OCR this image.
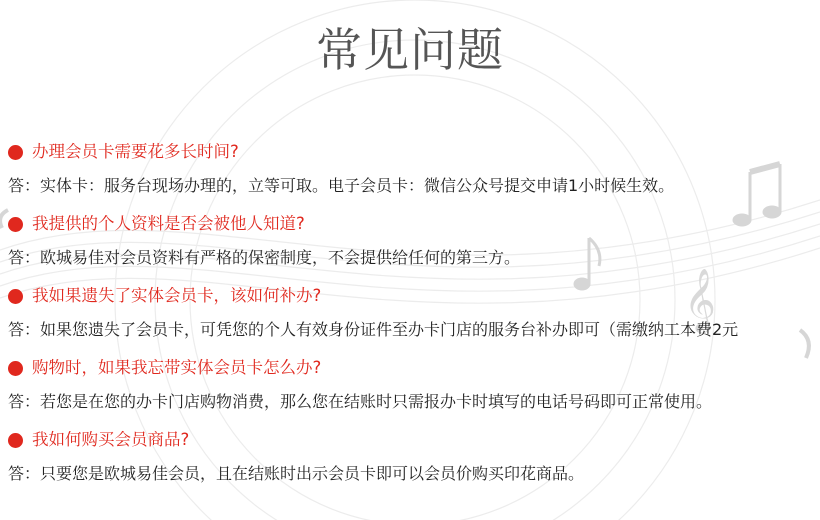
𝄞
常见问题
办理会员卡需要花多长时间?
答：实体卡：服务台现场办理的，立等可取。电子会员卡：微信公众号提交申请1小时候生效。
我提供的个人资料是否会被他人知道?
答：欧城易佳对会员资料有严格的保密制度，不会提供给任何的第三方。
我如果遗失了实体会员卡，该如何补办?
答：如果您遗失了会员卡，可凭您的个人有效身份证件至办卡门店的服务台补办即可（需缴纳工本费2元
购物时，如果我忘带实体会员卡怎么办?
答：若您是在您的办卡门店购物消费，那么您在结账时只需报办卡时填写的电话号码即可正常使用。
我如何购买会员商品?
答：只要您是欧城易佳会员，且在结账时出示会员卡即可以会员价购买印花商品。
